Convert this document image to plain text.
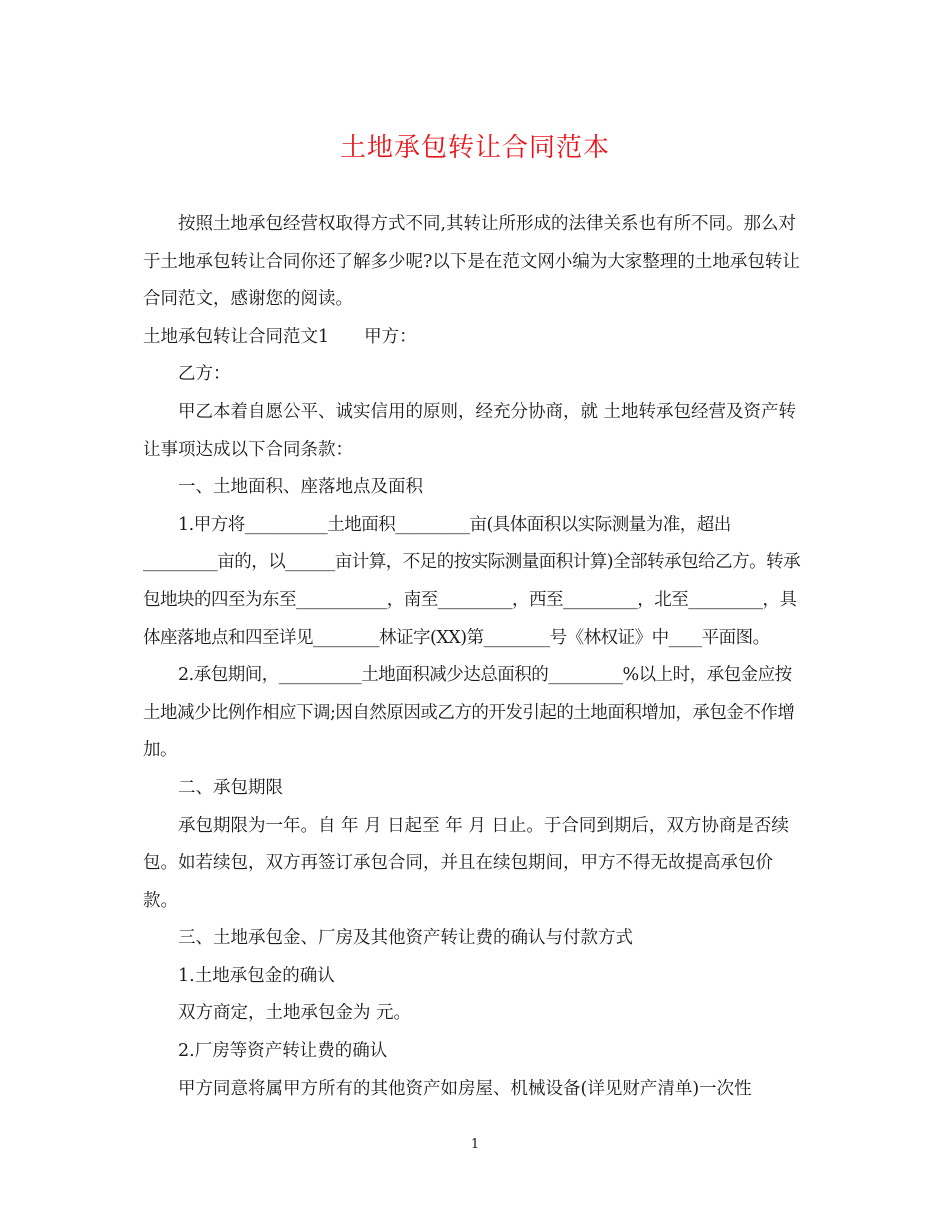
土地承包转让合同范本

按照土地承包经营权取得方式不同,其转让所形成的法律关系也有所不同。那么对于土地承包转让合同你还了解多少呢?以下是在范文网小编为大家整理的土地承包转让合同范文，感谢您的阅读。

土地承包转让合同范文1　　甲方：

乙方：

甲乙本着自愿公平、诚实信用的原则，经充分协商，就 土地转承包经营及资产转让事项达成以下合同条款：

一、土地面积、座落地点及面积

1.甲方将__________土地面积_________亩(具体面积以实际测量为准，超出_________亩的，以______亩计算，不足的按实际测量面积计算)全部转承包给乙方。转承包地块的四至为东至___________，南至_________，西至_________，北至_________，具体座落地点和四至详见________林证字(XX)第________号《林权证》中____平面图。

2.承包期间，__________土地面积减少达总面积的_________%以上时，承包金应按土地减少比例作相应下调;因自然原因或乙方的开发引起的土地面积增加，承包金不作增加。

二、承包期限

承包期限为一年。自 年 月 日起至 年 月 日止。于合同到期后，双方协商是否续包。如若续包，双方再签订承包合同，并且在续包期间，甲方不得无故提高承包价款。

三、土地承包金、厂房及其他资产转让费的确认与付款方式

1.土地承包金的确认

双方商定，土地承包金为 元。

2.厂房等资产转让费的确认

甲方同意将属甲方所有的其他资产如房屋、机械设备(详见财产清单)一次性

1
